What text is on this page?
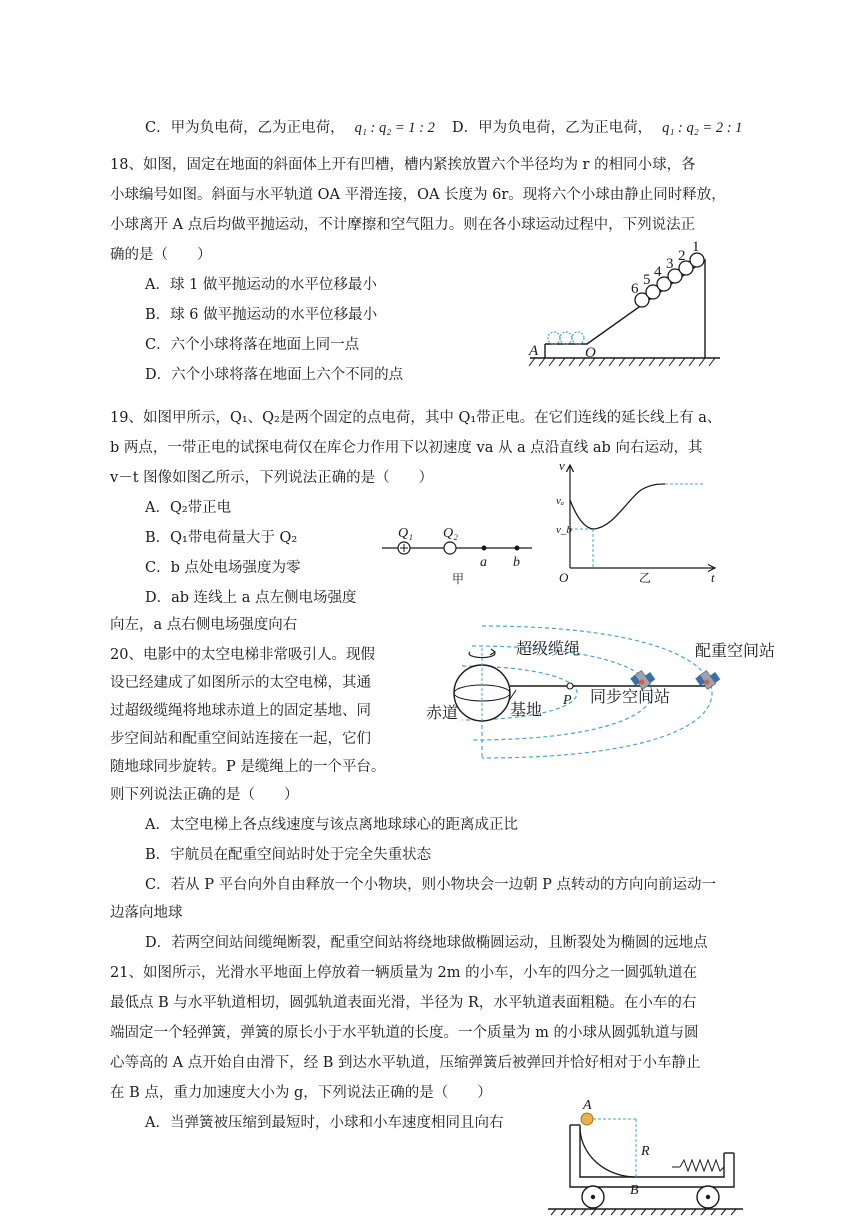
C．甲为负电荷，乙为正电荷， q₁ : q₂ = 1 : 2 D．甲为负电荷，乙为正电荷， q₁ : q₂ = 2 : 1
18、如图，固定在地面的斜面体上开有凹槽，槽内紧挨放置六个半径均为 r 的相同小球，各
小球编号如图。斜面与水平轨道 OA 平滑连接，OA 长度为 6r。现将六个小球由静止同时释放，
小球离开 A 点后均做平抛运动，不计摩擦和空气阻力。则在各小球运动过程中，下列说法正
确的是（　　）
A．球 1 做平抛运动的水平位移最小
B．球 6 做平抛运动的水平位移最小
C．六个小球将落在地面上同一点
D．六个小球将落在地面上六个不同的点
6
5 4 3 2
1
A	O
19、如图甲所示，Q₁、Q₂是两个固定的点电荷，其中 Q₁带正电。在它们连线的延长线上有 a、
b 两点，一带正电的试探电荷仅在库仑力作用下以初速度 va 从 a 点沿直线 ab 向右运动，其
v－t 图像如图乙所示，下列说法正确的是（　　）
A．Q₂带正电
B．Q₁带电荷量大于 Q₂
C．b 点处电场强度为零
D．ab 连线上 a 点左侧电场强度
向左，a 点右侧电场强度向右
Q₁ Q₂
a b
甲
v
vₐ
v_b
O	t
乙
20、电影中的太空电梯非常吸引人。现假
设已经建成了如图所示的太空电梯，其通
过超级缆绳将地球赤道上的固定基地、同
步空间站和配重空间站连接在一起，它们
随地球同步旋转。P 是缆绳上的一个平台。
则下列说法正确的是（　　）
A．太空电梯上各点线速度与该点离地球球心的距离成正比
B．宇航员在配重空间站时处于完全失重状态
C．若从 P 平台向外自由释放一个小物块，则小物块会一边朝 P 点转动的方向向前运动一
边落向地球
D．若两空间站间缆绳断裂，配重空间站将绕地球做椭圆运动，且断裂处为椭圆的远地点
超级缆绳	配重空间站
同步空间站
赤道	基地
P
21、如图所示，光滑水平地面上停放着一辆质量为 2m 的小车，小车的四分之一圆弧轨道在
最低点 B 与水平轨道相切，圆弧轨道表面光滑，半径为 R，水平轨道表面粗糙。在小车的右
端固定一个轻弹簧，弹簧的原长小于水平轨道的长度。一个质量为 m 的小球从圆弧轨道与圆
心等高的 A 点开始自由滑下，经 B 到达水平轨道，压缩弹簧后被弹回并恰好相对于小车静止
在 B 点，重力加速度大小为 g，下列说法正确的是（　　）
A．当弹簧被压缩到最短时，小球和小车速度相同且向右
A
B
R
